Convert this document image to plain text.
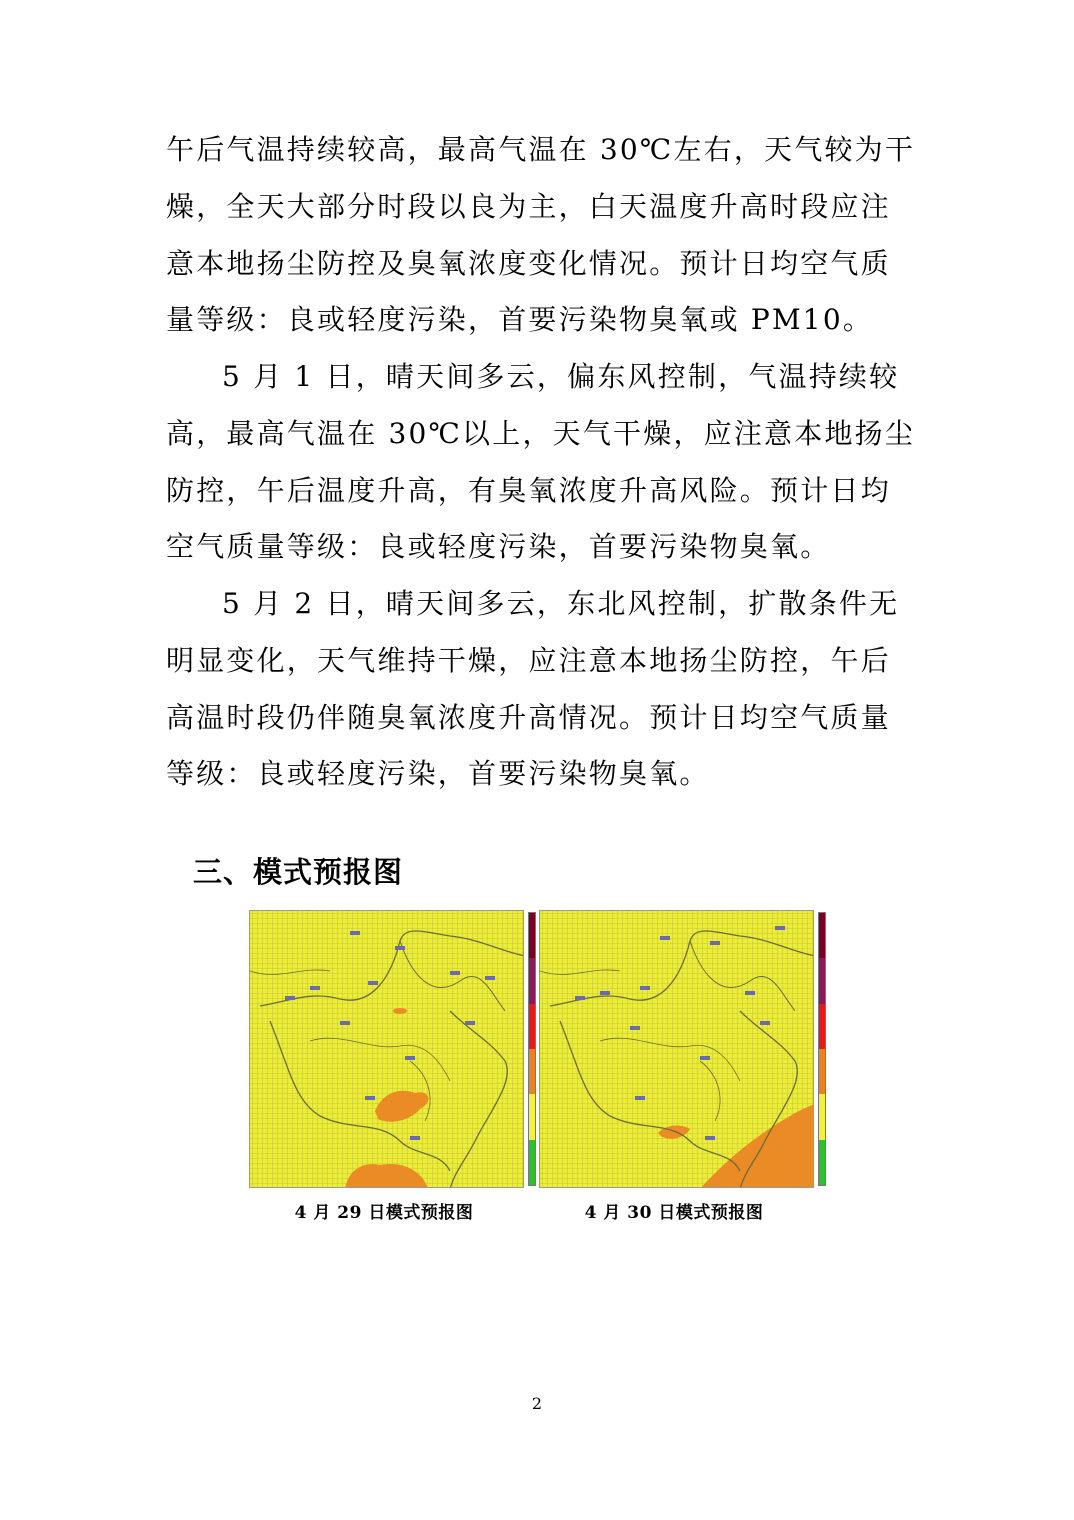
午后气温持续较高，最高气温在 30℃左右，天气较为干燥，全天大部分时段以良为主，白天温度升高时段应注意本地扬尘防控及臭氧浓度变化情况。预计日均空气质量等级：良或轻度污染，首要污染物臭氧或 PM10。

5 月 1 日，晴天间多云，偏东风控制，气温持续较高，最高气温在 30℃以上，天气干燥，应注意本地扬尘防控，午后温度升高，有臭氧浓度升高风险。预计日均空气质量等级：良或轻度污染，首要污染物臭氧。

5 月 2 日，晴天间多云，东北风控制，扩散条件无明显变化，天气维持干燥，应注意本地扬尘防控，午后高温时段仍伴随臭氧浓度升高情况。预计日均空气质量等级：良或轻度污染，首要污染物臭氧。

三、模式预报图
4 月 29 日模式预报图	4 月 30 日模式预报图
2
